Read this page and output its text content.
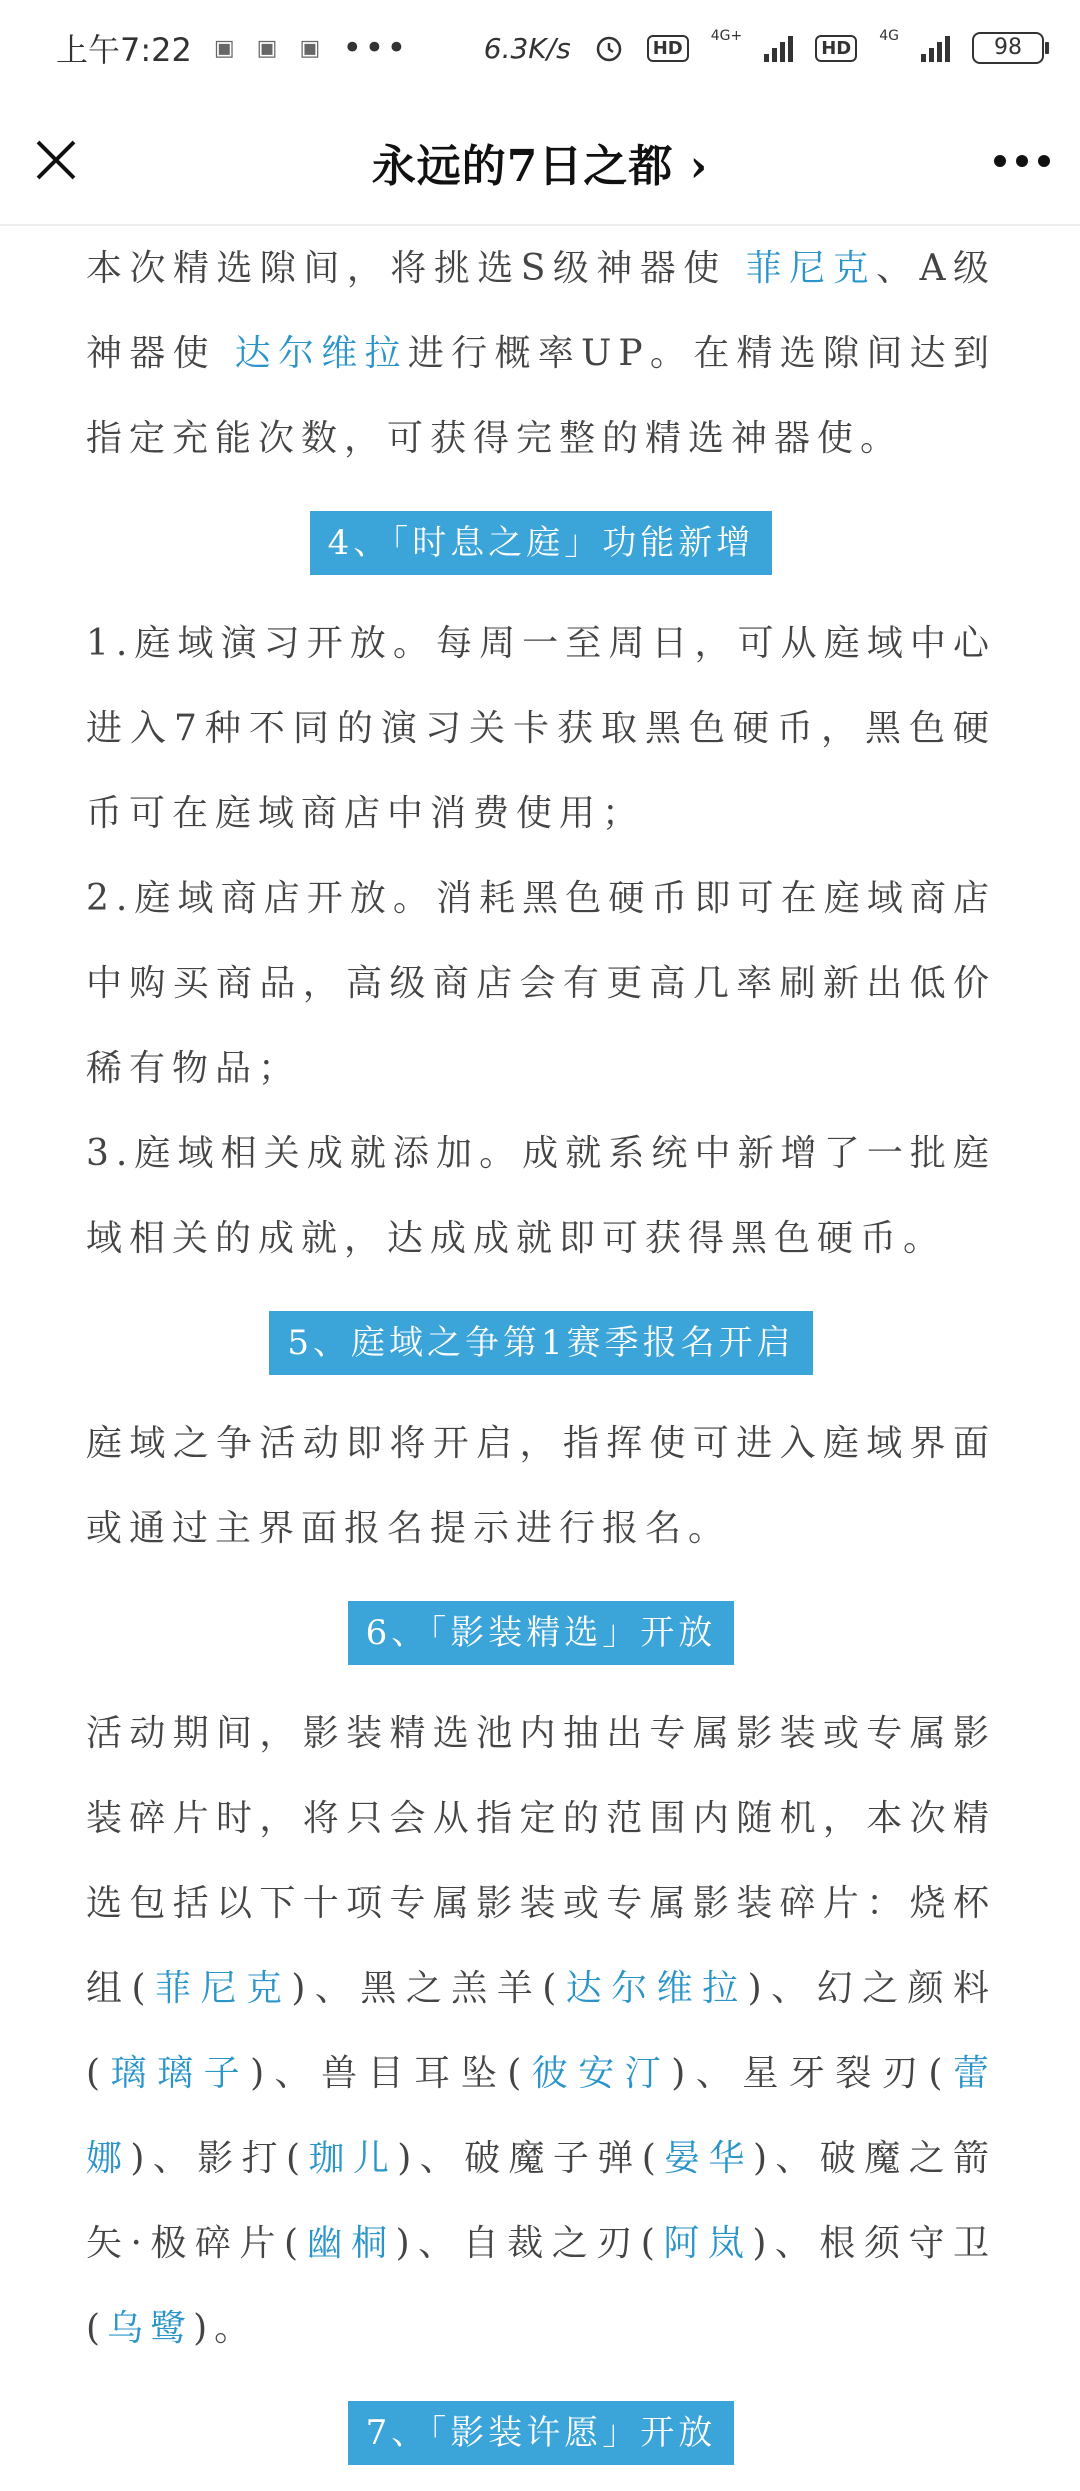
上午7:22 ▣ ▣ ▣ •••	6.3K/s	HD
4G+
HD
4G	98
永远的7日之都 ›

本次精选隙间，将挑选S级神器使 菲尼克、A级神器使 达尔维拉进行概率UP。在精选隙间达到指定充能次数，可获得完整的精选神器使。

4、「时息之庭」功能新增

1.庭域演习开放。每周一至周日，可从庭域中心进入7种不同的演习关卡获取黑色硬币，黑色硬币可在庭域商店中消费使用；

2.庭域商店开放。消耗黑色硬币即可在庭域商店中购买商品，高级商店会有更高几率刷新出低价稀有物品；

3.庭域相关成就添加。成就系统中新增了一批庭域相关的成就，达成成就即可获得黑色硬币。

5、庭域之争第1赛季报名开启

庭域之争活动即将开启，指挥使可进入庭域界面或通过主界面报名提示进行报名。

6、「影装精选」开放

活动期间，影装精选池内抽出专属影装或专属影装碎片时，将只会从指定的范围内随机，本次精选包括以下十项专属影装或专属影装碎片：烧杯组(菲尼克)、黑之羔羊(达尔维拉)、幻之颜料(璃璃子)、兽目耳坠(彼安汀)、星牙裂刃(蕾娜)、影打(珈儿)、破魔子弹(晏华)、破魔之箭矢·极碎片(幽桐)、自裁之刃(阿岚)、根须守卫(乌鹭)。

7、「影装许愿」开放
